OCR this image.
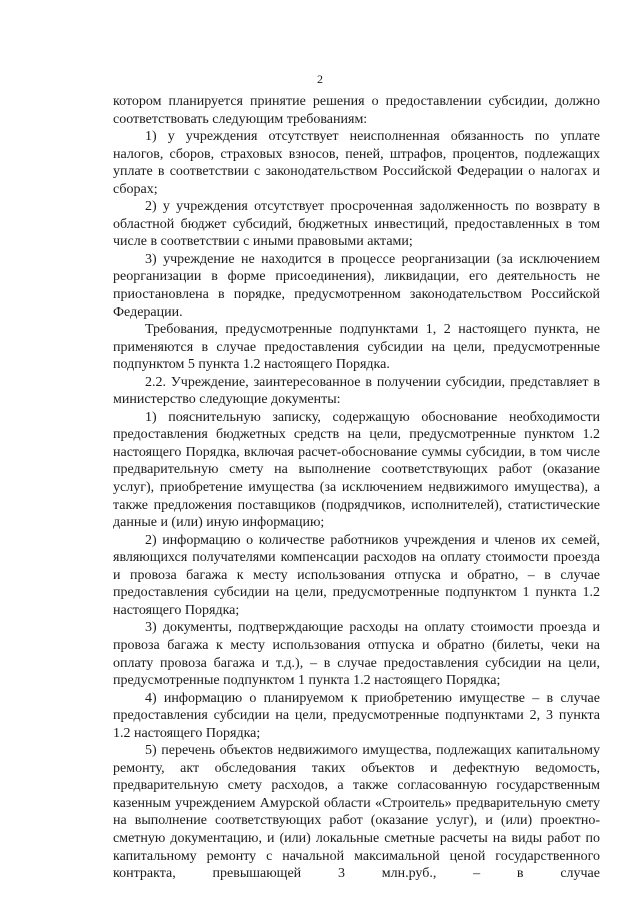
2

котором планируется принятие решения о предоставлении субсидии, должно соответствовать следующим требованиям:

1) у учреждения отсутствует неисполненная обязанность по уплате налогов, сборов, страховых взносов, пеней, штрафов, процентов, подлежащих уплате в соответствии с законодательством Российской Федерации о налогах и сборах;

2) у учреждения отсутствует просроченная задолженность по возврату в областной бюджет субсидий, бюджетных инвестиций, предоставленных в том числе в соответствии с иными правовыми актами;

3) учреждение не находится в процессе реорганизации (за исключением реорганизации в форме присоединения), ликвидации, его деятельность не приостановлена в порядке, предусмотренном законодательством Российской Федерации.

Требования, предусмотренные подпунктами 1, 2 настоящего пункта, не применяются в случае предоставления субсидии на цели, предусмотренные подпунктом 5 пункта 1.2 настоящего Порядка.

2.2. Учреждение, заинтересованное в получении субсидии, представляет в министерство следующие документы:

1) пояснительную записку, содержащую обоснование необходимости предоставления бюджетных средств на цели, предусмотренные пунктом 1.2 настоящего Порядка, включая расчет-обоснование суммы субсидии, в том числе предварительную смету на выполнение соответствующих работ (оказание услуг), приобретение имущества (за исключением недвижимого имущества), а также предложения поставщиков (подрядчиков, исполнителей), статистические данные и (или) иную информацию;

2) информацию о количестве работников учреждения и членов их семей, являющихся получателями компенсации расходов на оплату стоимости проезда и провоза багажа к месту использования отпуска и обратно, – в случае предоставления субсидии на цели, предусмотренные подпунктом 1 пункта 1.2 настоящего Порядка;

3) документы, подтверждающие расходы на оплату стоимости проезда и провоза багажа к месту использования отпуска и обратно (билеты, чеки на оплату провоза багажа и т.д.), – в случае предоставления субсидии на цели, предусмотренные подпунктом 1 пункта 1.2 настоящего Порядка;

4) информацию о планируемом к приобретению имуществе – в случае предоставления субсидии на цели, предусмотренные подпунктами 2, 3 пункта 1.2 настоящего Порядка;

5) перечень объектов недвижимого имущества, подлежащих капитальному ремонту, акт обследования таких объектов и дефектную ведомость, предварительную смету расходов, а также согласованную государственным казенным учреждением Амурской области «Строитель» предварительную смету на выполнение соответствующих работ (оказание услуг), и (или) проектно-сметную документацию, и (или) локальные сметные расчеты на виды работ по капитальному ремонту с начальной максимальной ценой государственного контракта, превышающей 3 млн.руб., – в случае
